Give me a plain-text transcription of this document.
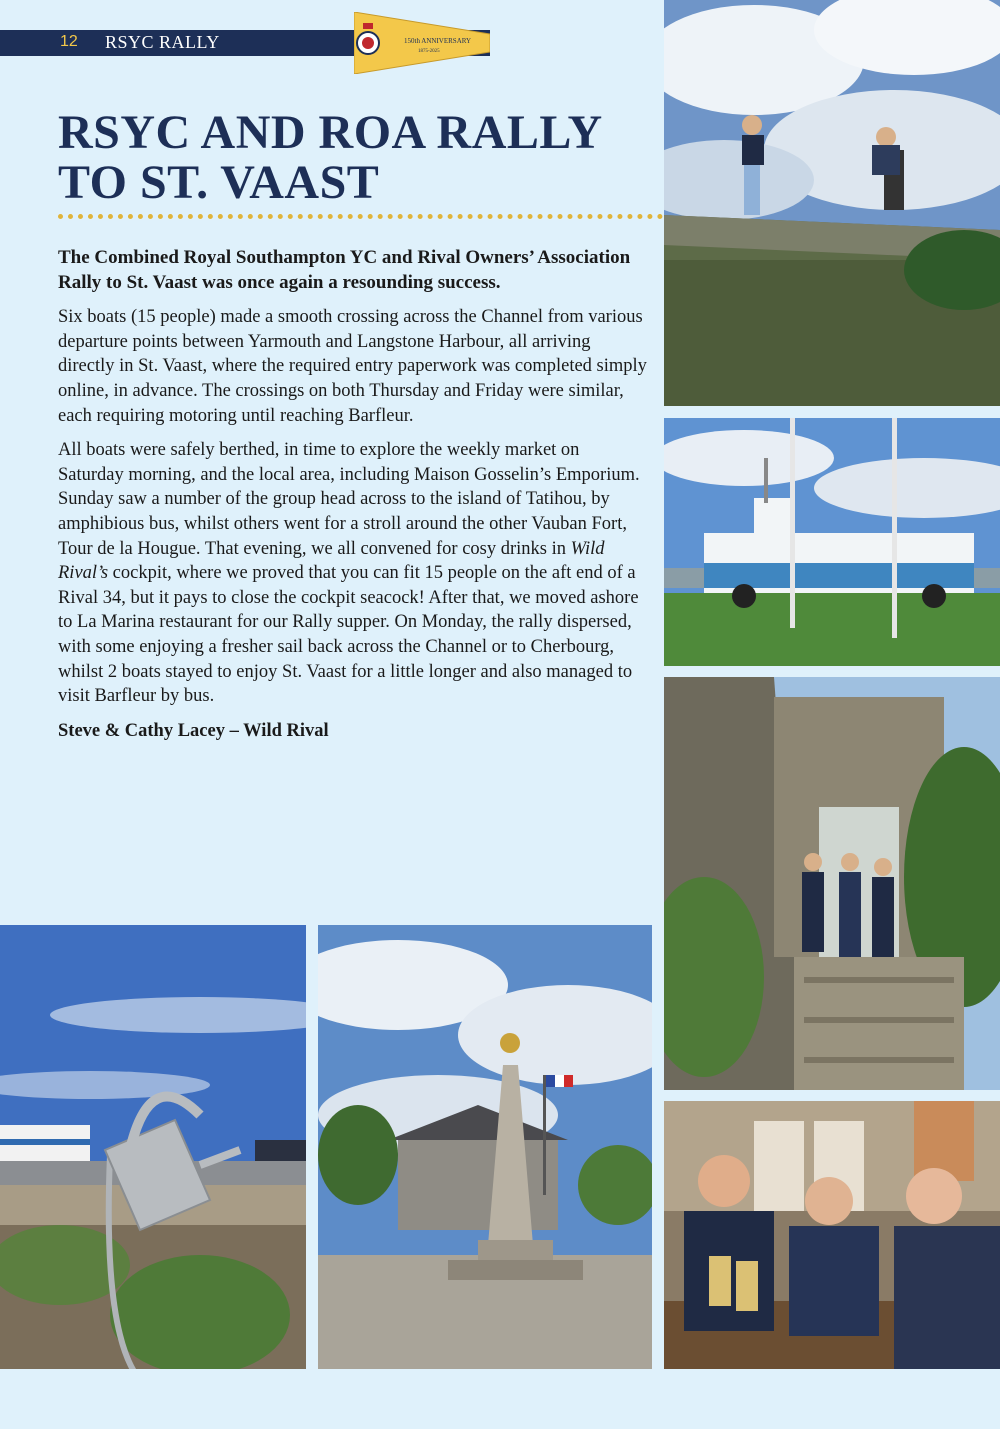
12 RSYC RALLY	150th ANNIVERSARY
1875-2025
RSYC AND ROA RALLY
TO ST. VAAST

The Combined Royal Southampton YC and Rival Owners’ Association Rally to St. Vaast was once again a resounding success.

Six boats (15 people) made a smooth crossing across the Channel from various departure points between Yarmouth and Langstone Harbour, all arriving directly in St. Vaast, where the required entry paperwork was completed simply online, in advance. The crossings on both Thursday and Friday were similar, each requiring motoring until reaching Barfleur.

All boats were safely berthed, in time to explore the weekly market on Saturday morning, and the local area, including Maison Gosselin’s Emporium. Sunday saw a number of the group head across to the island of Tatihou, by amphibious bus, whilst others went for a stroll around the other Vauban Fort, Tour de la Hougue. That evening, we all convened for cosy drinks in Wild Rival’s cockpit, where we proved that you can fit 15 people on the aft end of a Rival 34, but it pays to close the cockpit seacock! After that, we moved ashore to La Marina restaurant for our Rally supper. On Monday, the rally dispersed, with some enjoying a fresher sail back across the Channel or to Cherbourg, whilst 2 boats stayed to enjoy St. Vaast for a little longer and also managed to visit Barfleur by bus.

Steve & Cathy Lacey – Wild Rival
